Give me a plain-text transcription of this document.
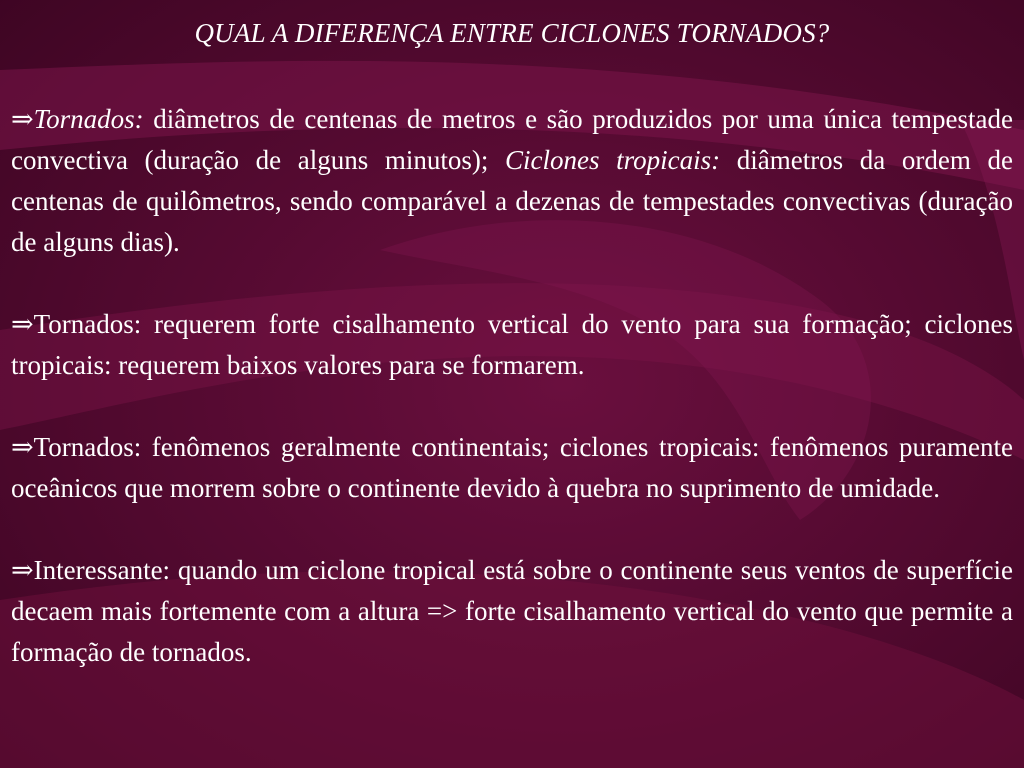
QUAL A DIFERENÇA ENTRE CICLONES TORNADOS?

⇒Tornados: diâmetros de centenas de metros e são produzidos por uma única tempestade convectiva (duração de alguns minutos); Ciclones tropicais: diâmetros da ordem de centenas de quilômetros, sendo comparável a dezenas de tempestades convectivas (duração de alguns dias).

⇒Tornados: requerem forte cisalhamento vertical do vento para sua formação; ciclones tropicais: requerem baixos valores para se formarem.

⇒Tornados: fenômenos geralmente continentais; ciclones tropicais: fenômenos puramente oceânicos que morrem sobre o continente devido à quebra no suprimento de umidade.

⇒Interessante: quando um ciclone tropical está sobre o continente seus ventos de superfície decaem mais fortemente com a altura => forte cisalhamento vertical do vento que permite a formação de tornados.
